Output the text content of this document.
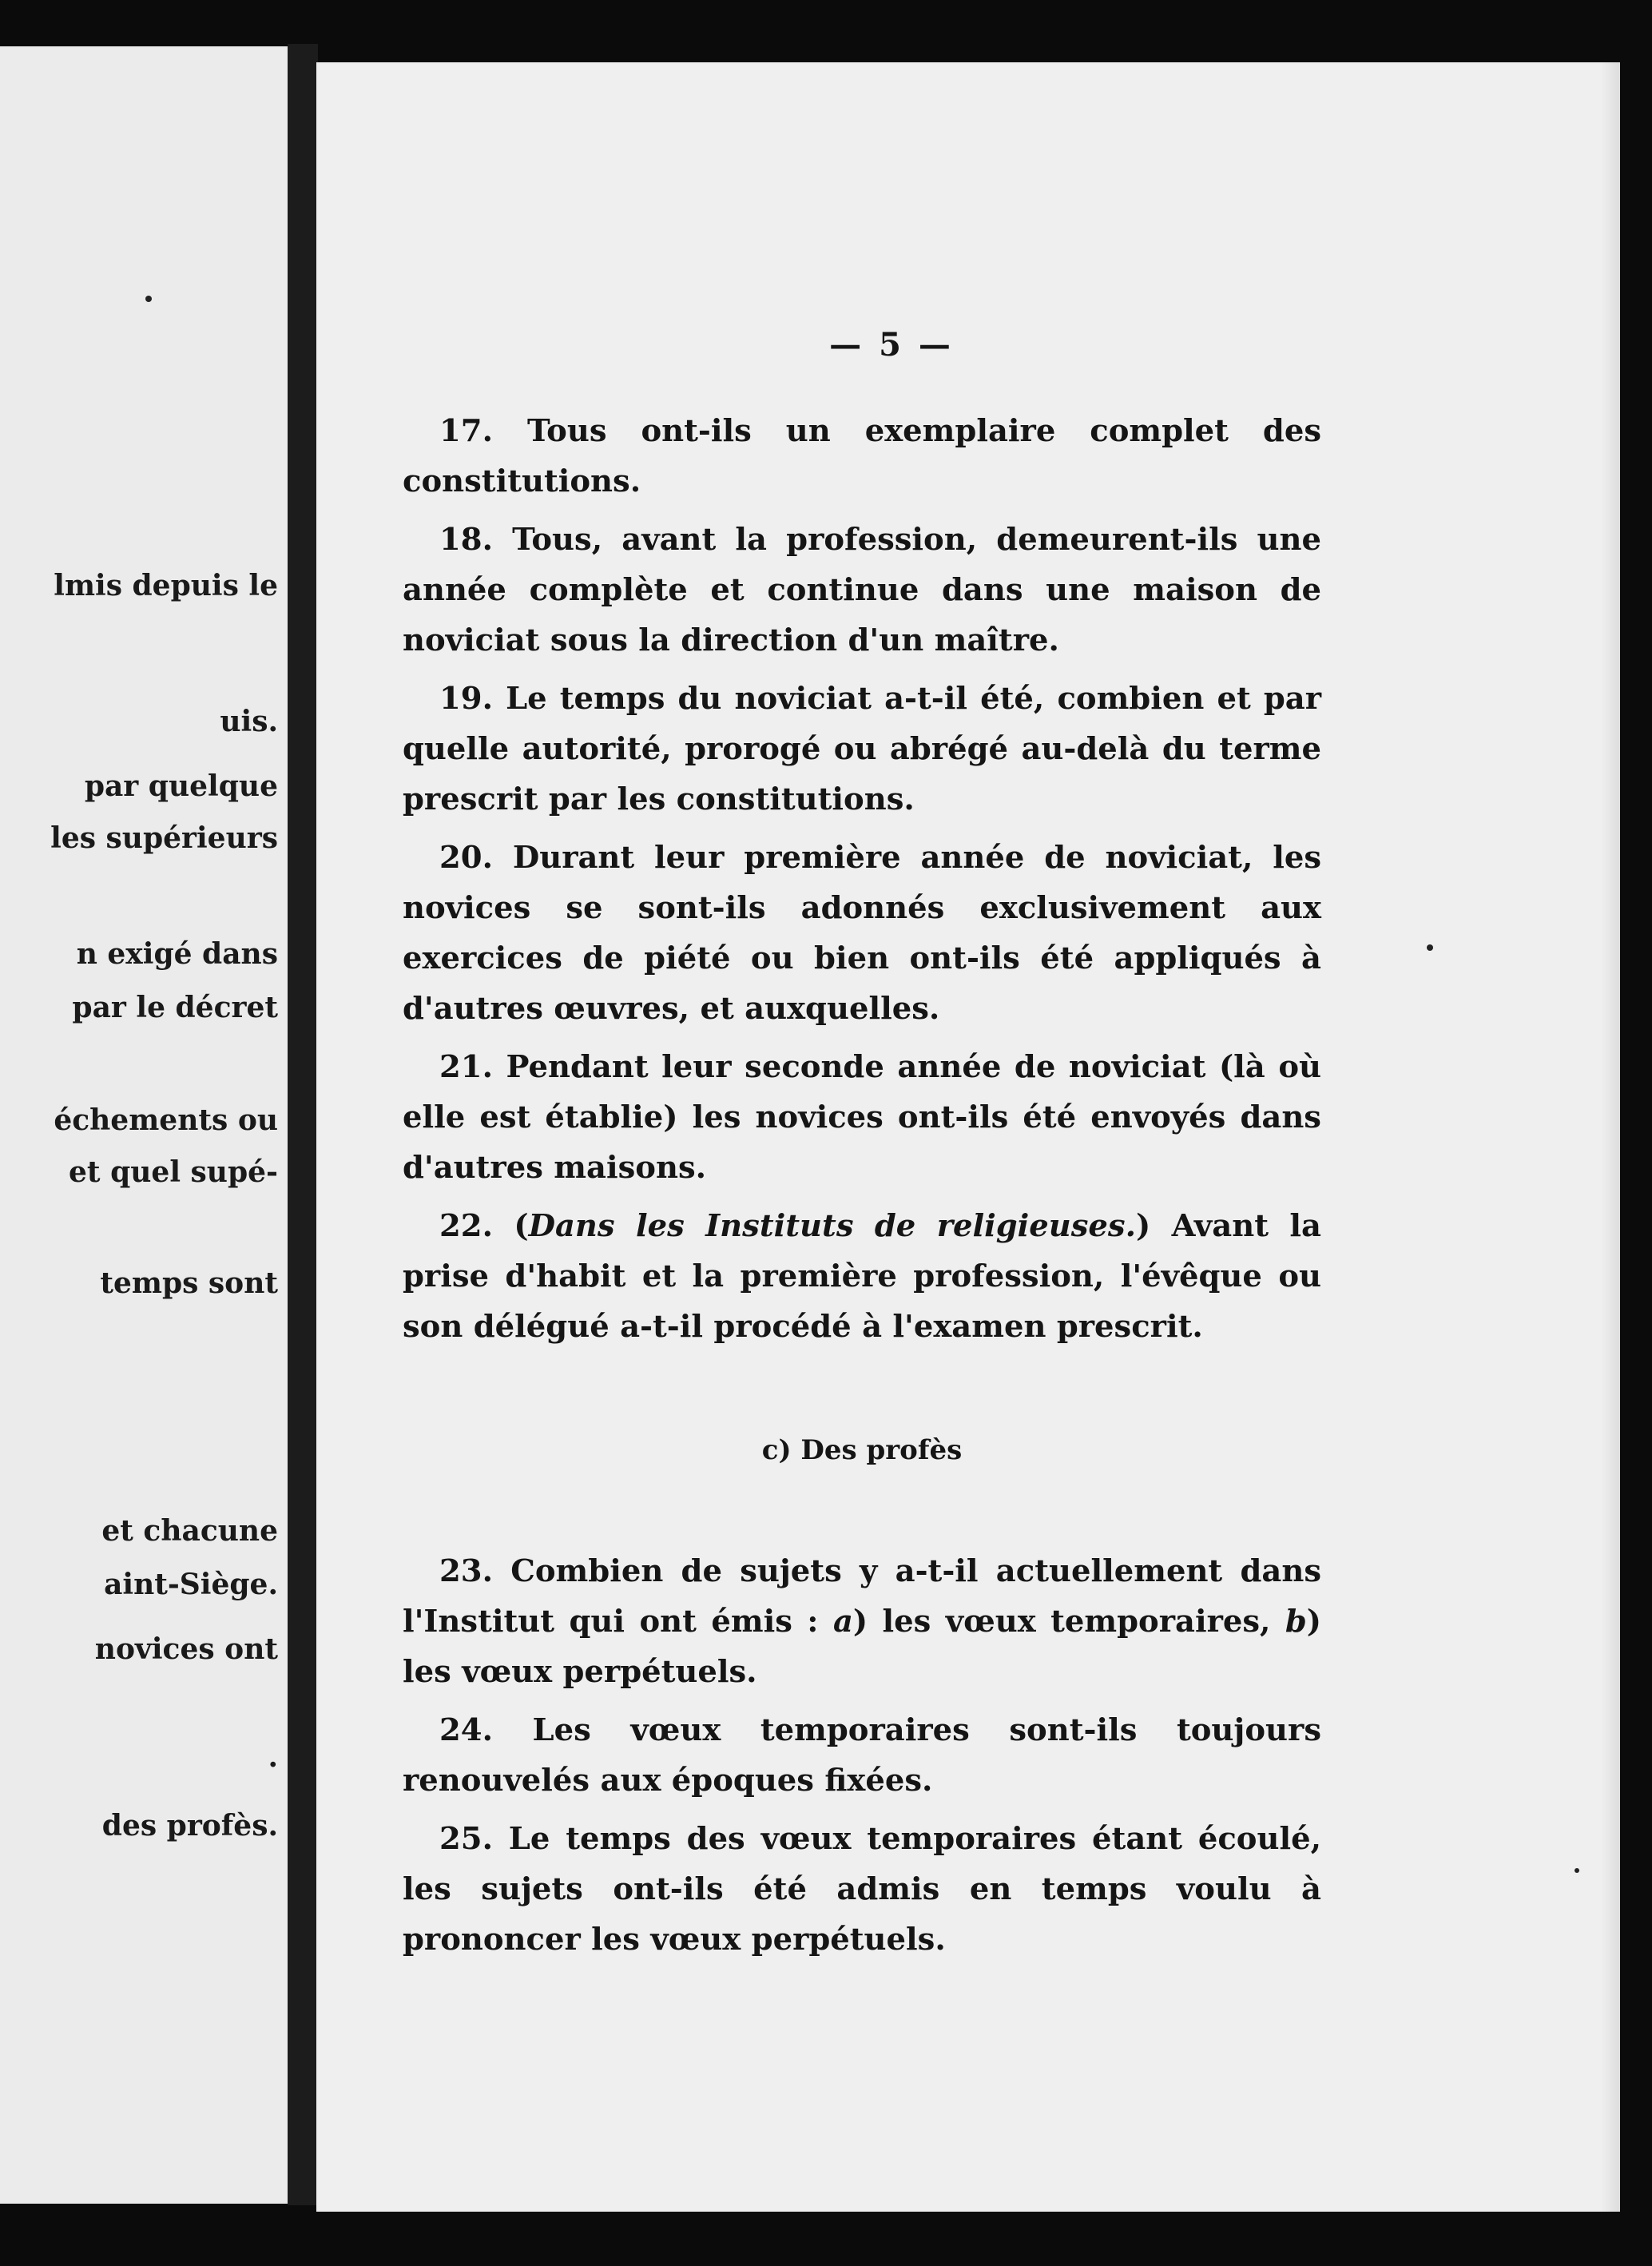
lmis depuis le
uis.
par quelque
les supérieurs
n exigé dans
par le décret
échements ou
et quel supé-
temps sont
et chacune
aint-Siège.
novices ont
.
des profès.
— 5 —

17. Tous ont-ils un exemplaire complet des constitutions.

18. Tous, avant la profession, demeurent-ils une année complète et continue dans une maison de noviciat sous la direction d'un maître.

19. Le temps du noviciat a-t-il été, combien et par quelle autorité, prorogé ou abrégé au-delà du terme prescrit par les constitutions.

20. Durant leur première année de noviciat, les novices se sont-ils adonnés exclusivement aux exercices de piété ou bien ont-ils été appliqués à d'autres œuvres, et auxquelles.

21. Pendant leur seconde année de noviciat (là où elle est établie) les novices ont-ils été envoyés dans d'autres maisons.

22. (Dans les Instituts de religieuses.) Avant la prise d'habit et la première profession, l'évêque ou son délégué a-t-il procédé à l'examen prescrit.

c) Des profès

23. Combien de sujets y a-t-il actuellement dans l'Institut qui ont émis : a) les vœux temporaires, b) les vœux perpétuels.

24. Les vœux temporaires sont-ils toujours renouvelés aux époques fixées.

25. Le temps des vœux temporaires étant écoulé, les sujets ont-ils été admis en temps voulu à prononcer les vœux perpétuels.
